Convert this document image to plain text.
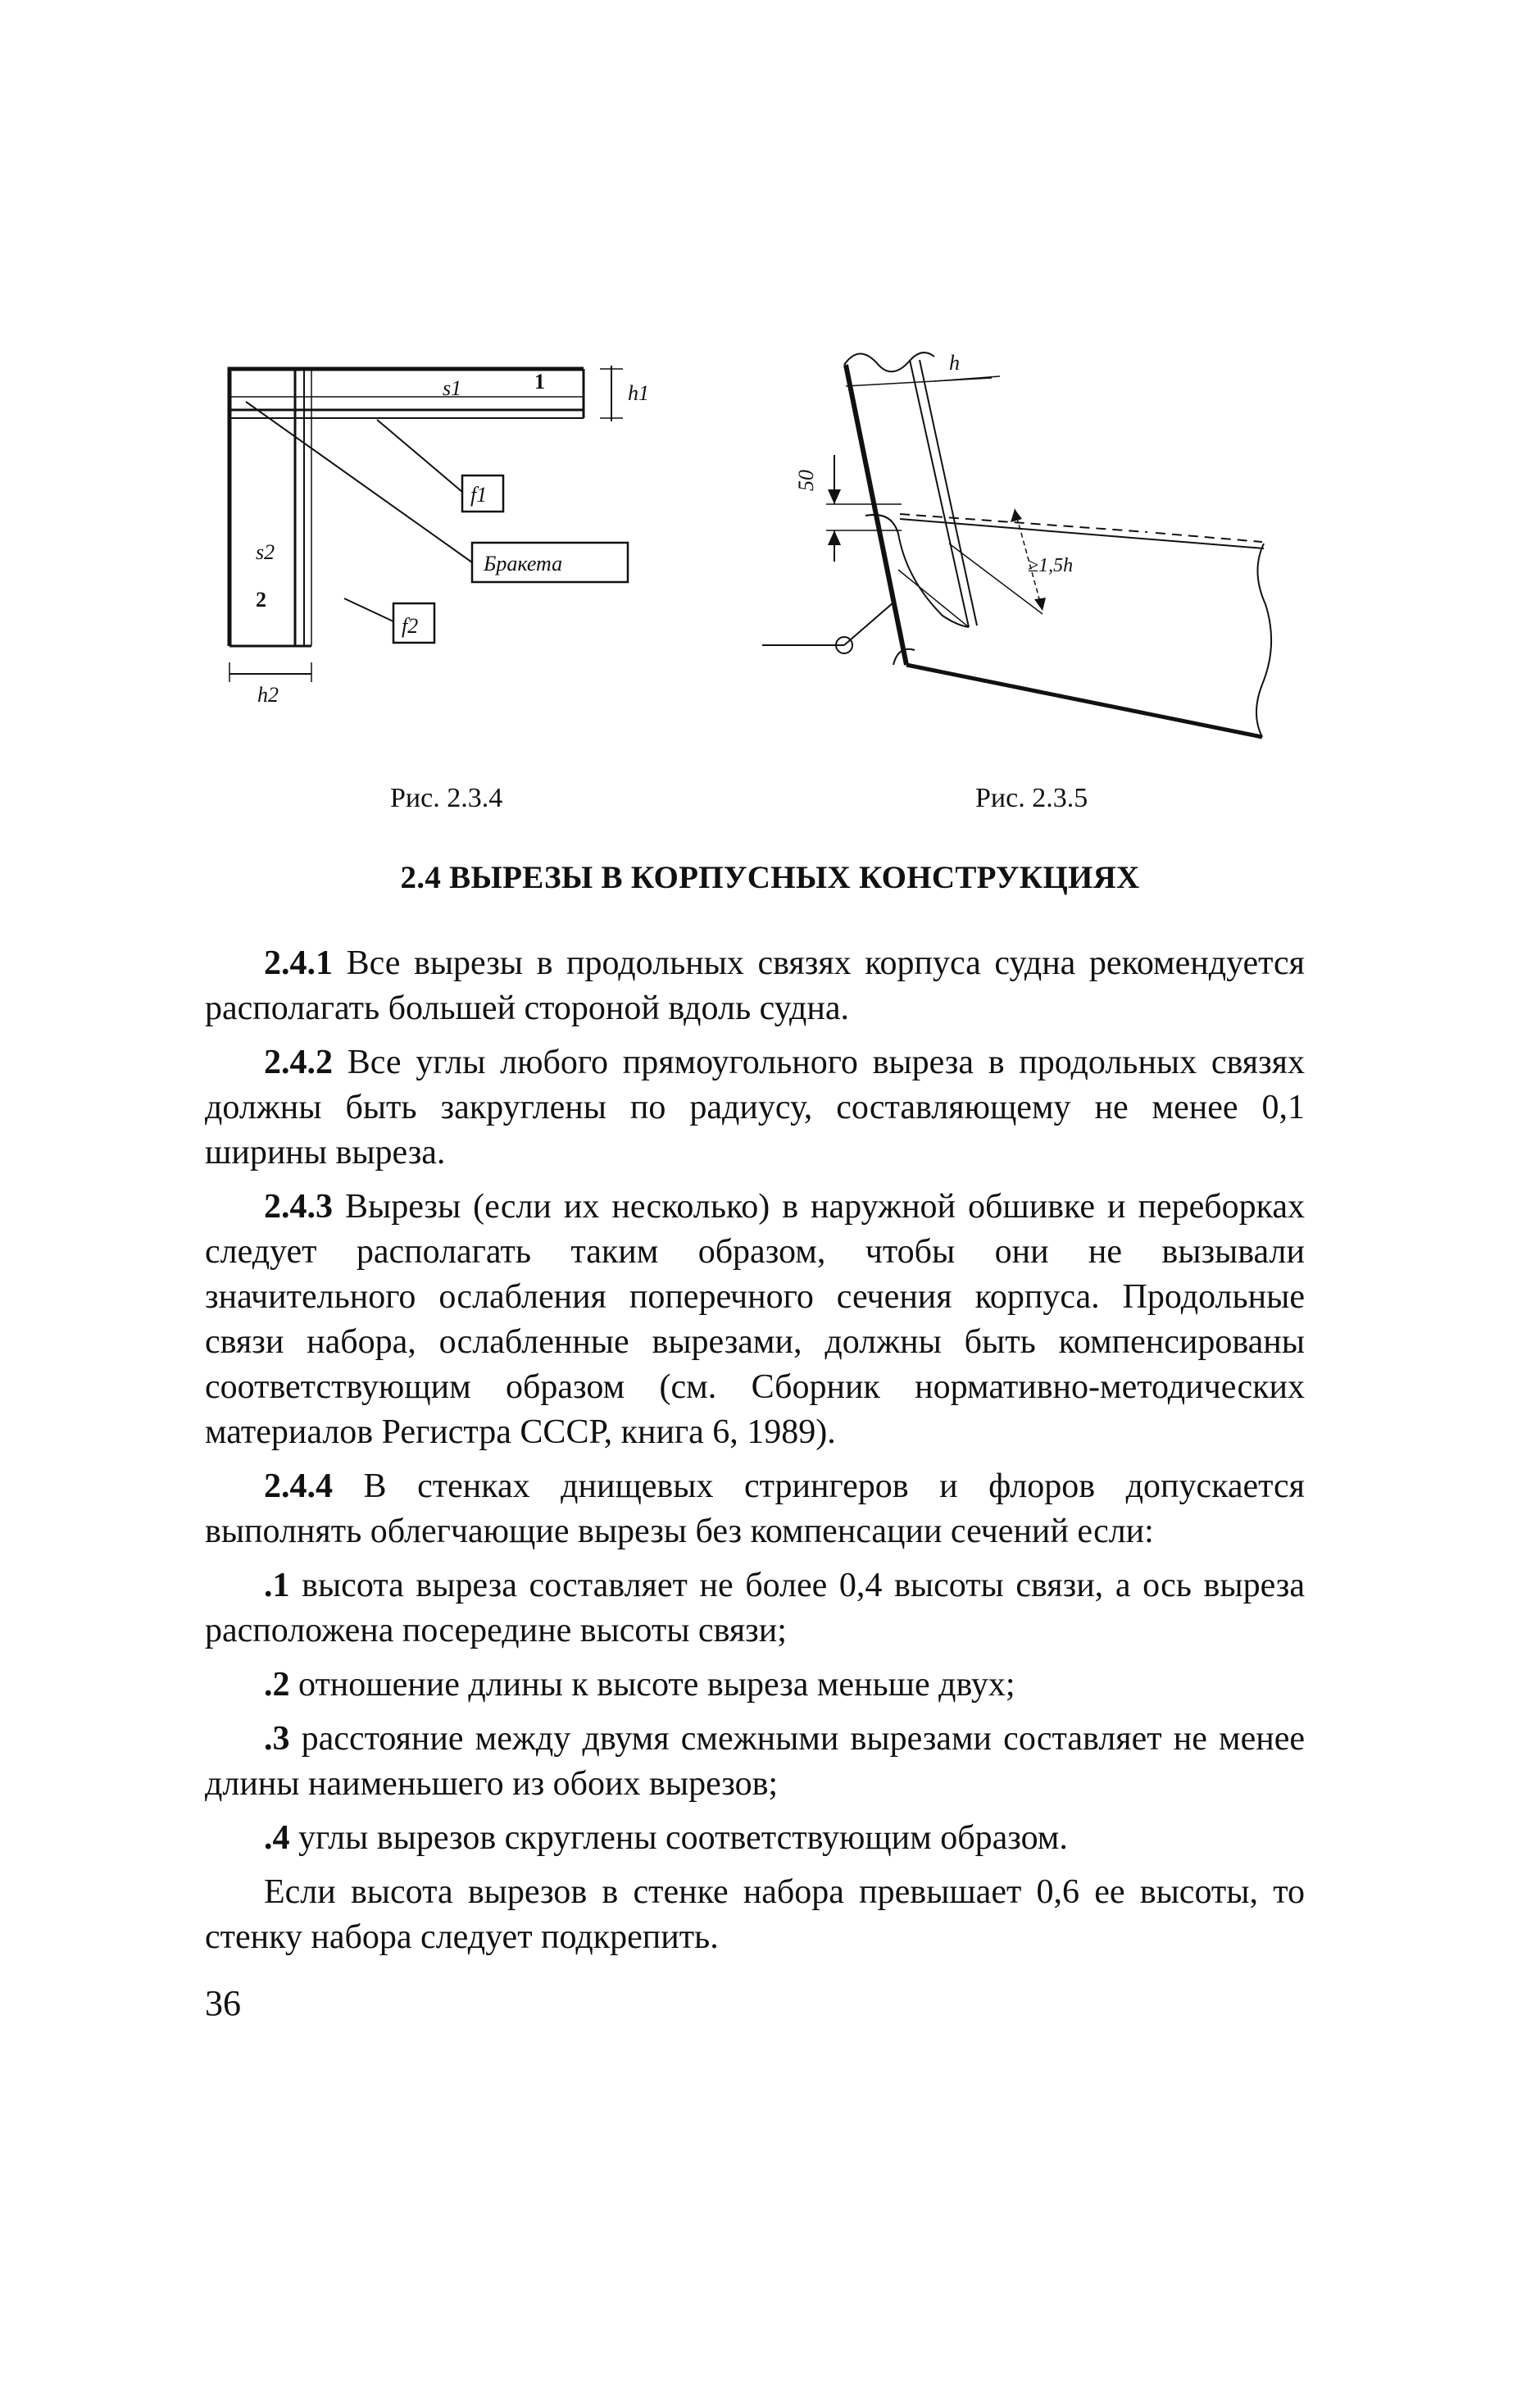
s1	1	h1
f1
s2
2
Бракета
f2
h2
Рис. 2.3.4
h
50
≥1,5h
Рис. 2.3.5
2.4 ВЫРЕЗЫ В КОРПУСНЫХ КОНСТРУКЦИЯХ

2.4.1 Все вырезы в продольных связях корпуса судна рекомендуется располагать большей стороной вдоль судна.

2.4.2 Все углы любого прямоугольного выреза в продольных связях должны быть закруглены по радиусу, составляющему не менее 0,1 ширины выреза.

2.4.3 Вырезы (если их несколько) в наружной обшивке и переборках следует располагать таким образом, чтобы они не вызывали значительного ослабления поперечного сечения корпуса. Продольные связи набора, ослабленные вырезами, должны быть компенсированы соответствующим образом (см. Сборник нормативно-методических материалов Регистра СССР, книга 6, 1989).

2.4.4 В стенках днищевых стрингеров и флоров допускается выполнять облегчающие вырезы без компенсации сечений если:

.1 высота выреза составляет не более 0,4 высоты связи, а ось выреза расположена посередине высоты связи;

.2 отношение длины к высоте выреза меньше двух;

.3 расстояние между двумя смежными вырезами составляет не менее длины наименьшего из обоих вырезов;

.4 углы вырезов скруглены соответствующим образом.

Если высота вырезов в стенке набора превышает 0,6 ее высоты, то стенку набора следует подкрепить.

36
